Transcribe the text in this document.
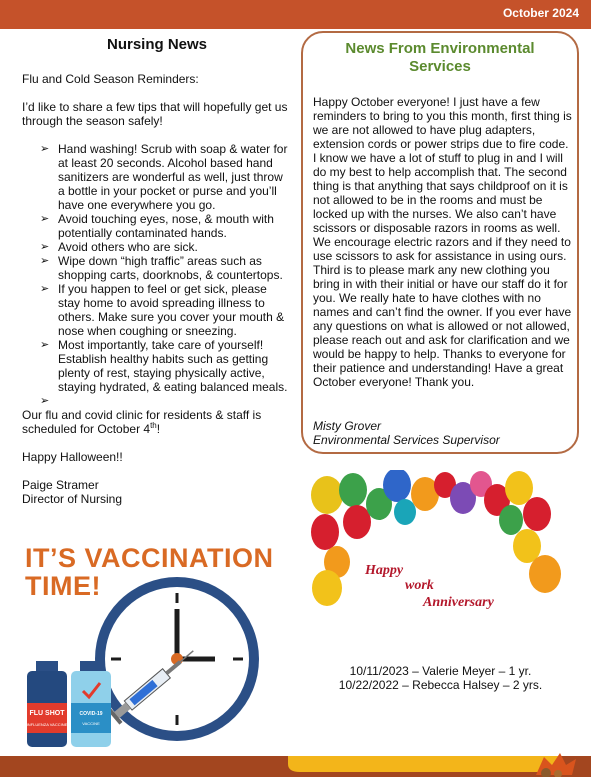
October 2024
Nursing News

Flu and Cold Season Reminders:

I’d like to share a few tips that will hopefully get us through the season safely!

➢ Hand washing! Scrub with soap & water for at least 20 seconds. Alcohol based hand sanitizers are wonderful as well, just throw a bottle in your pocket or purse and you’ll have one everywhere you go.
➢ Avoid touching eyes, nose, & mouth with potentially contaminated hands.
➢ Avoid others who are sick.
➢ Wipe down “high traffic” areas such as shopping carts, doorknobs, & countertops.
➢ If you happen to feel or get sick, please stay home to avoid spreading illness to others. Make sure you cover your mouth & nose when coughing or sneezing.
➢ Most importantly, take care of yourself! Establish healthy habits such as getting plenty of rest, staying physically active, staying hydrated, & eating balanced meals.
➢

Our flu and covid clinic for residents & staff is scheduled for October 4th!

Happy Halloween!!

Paige Stramer

Director of Nursing

News From Environmental
Services
Happy October everyone! I just have a few reminders to bring to you this month, first thing is we are not allowed to have plug adapters, extension cords or power strips due to fire code. I know we have a lot of stuff to plug in and I will do my best to help accomplish that. The second thing is that anything that says childproof on it is not allowed to be in the rooms and must be locked up with the nurses. We also can’t have scissors or disposable razors in rooms as well. We encourage electric razors and if they need to use scissors to ask for assistance in using ours. Third is to please mark any new clothing you bring in with their initial or have our staff do it for you. We really hate to have clothes with no names and can’t find the owner. If you ever have any questions on what is allowed or not allowed, please reach out and ask for clarification and we would be happy to help. Thanks to everyone for their patience and understanding! Have a great October everyone! Thank you.
Misty Grover
Environmental Services Supervisor
IT’S VACCINATION
TIME!
FLU SHOT
INFLUENZA VACCINE
COVID-19
VACCINE
Happy
work
Anniversary
10/11/2023 – Valerie Meyer – 1 yr.
10/22/2022 – Rebecca Halsey – 2 yrs.
